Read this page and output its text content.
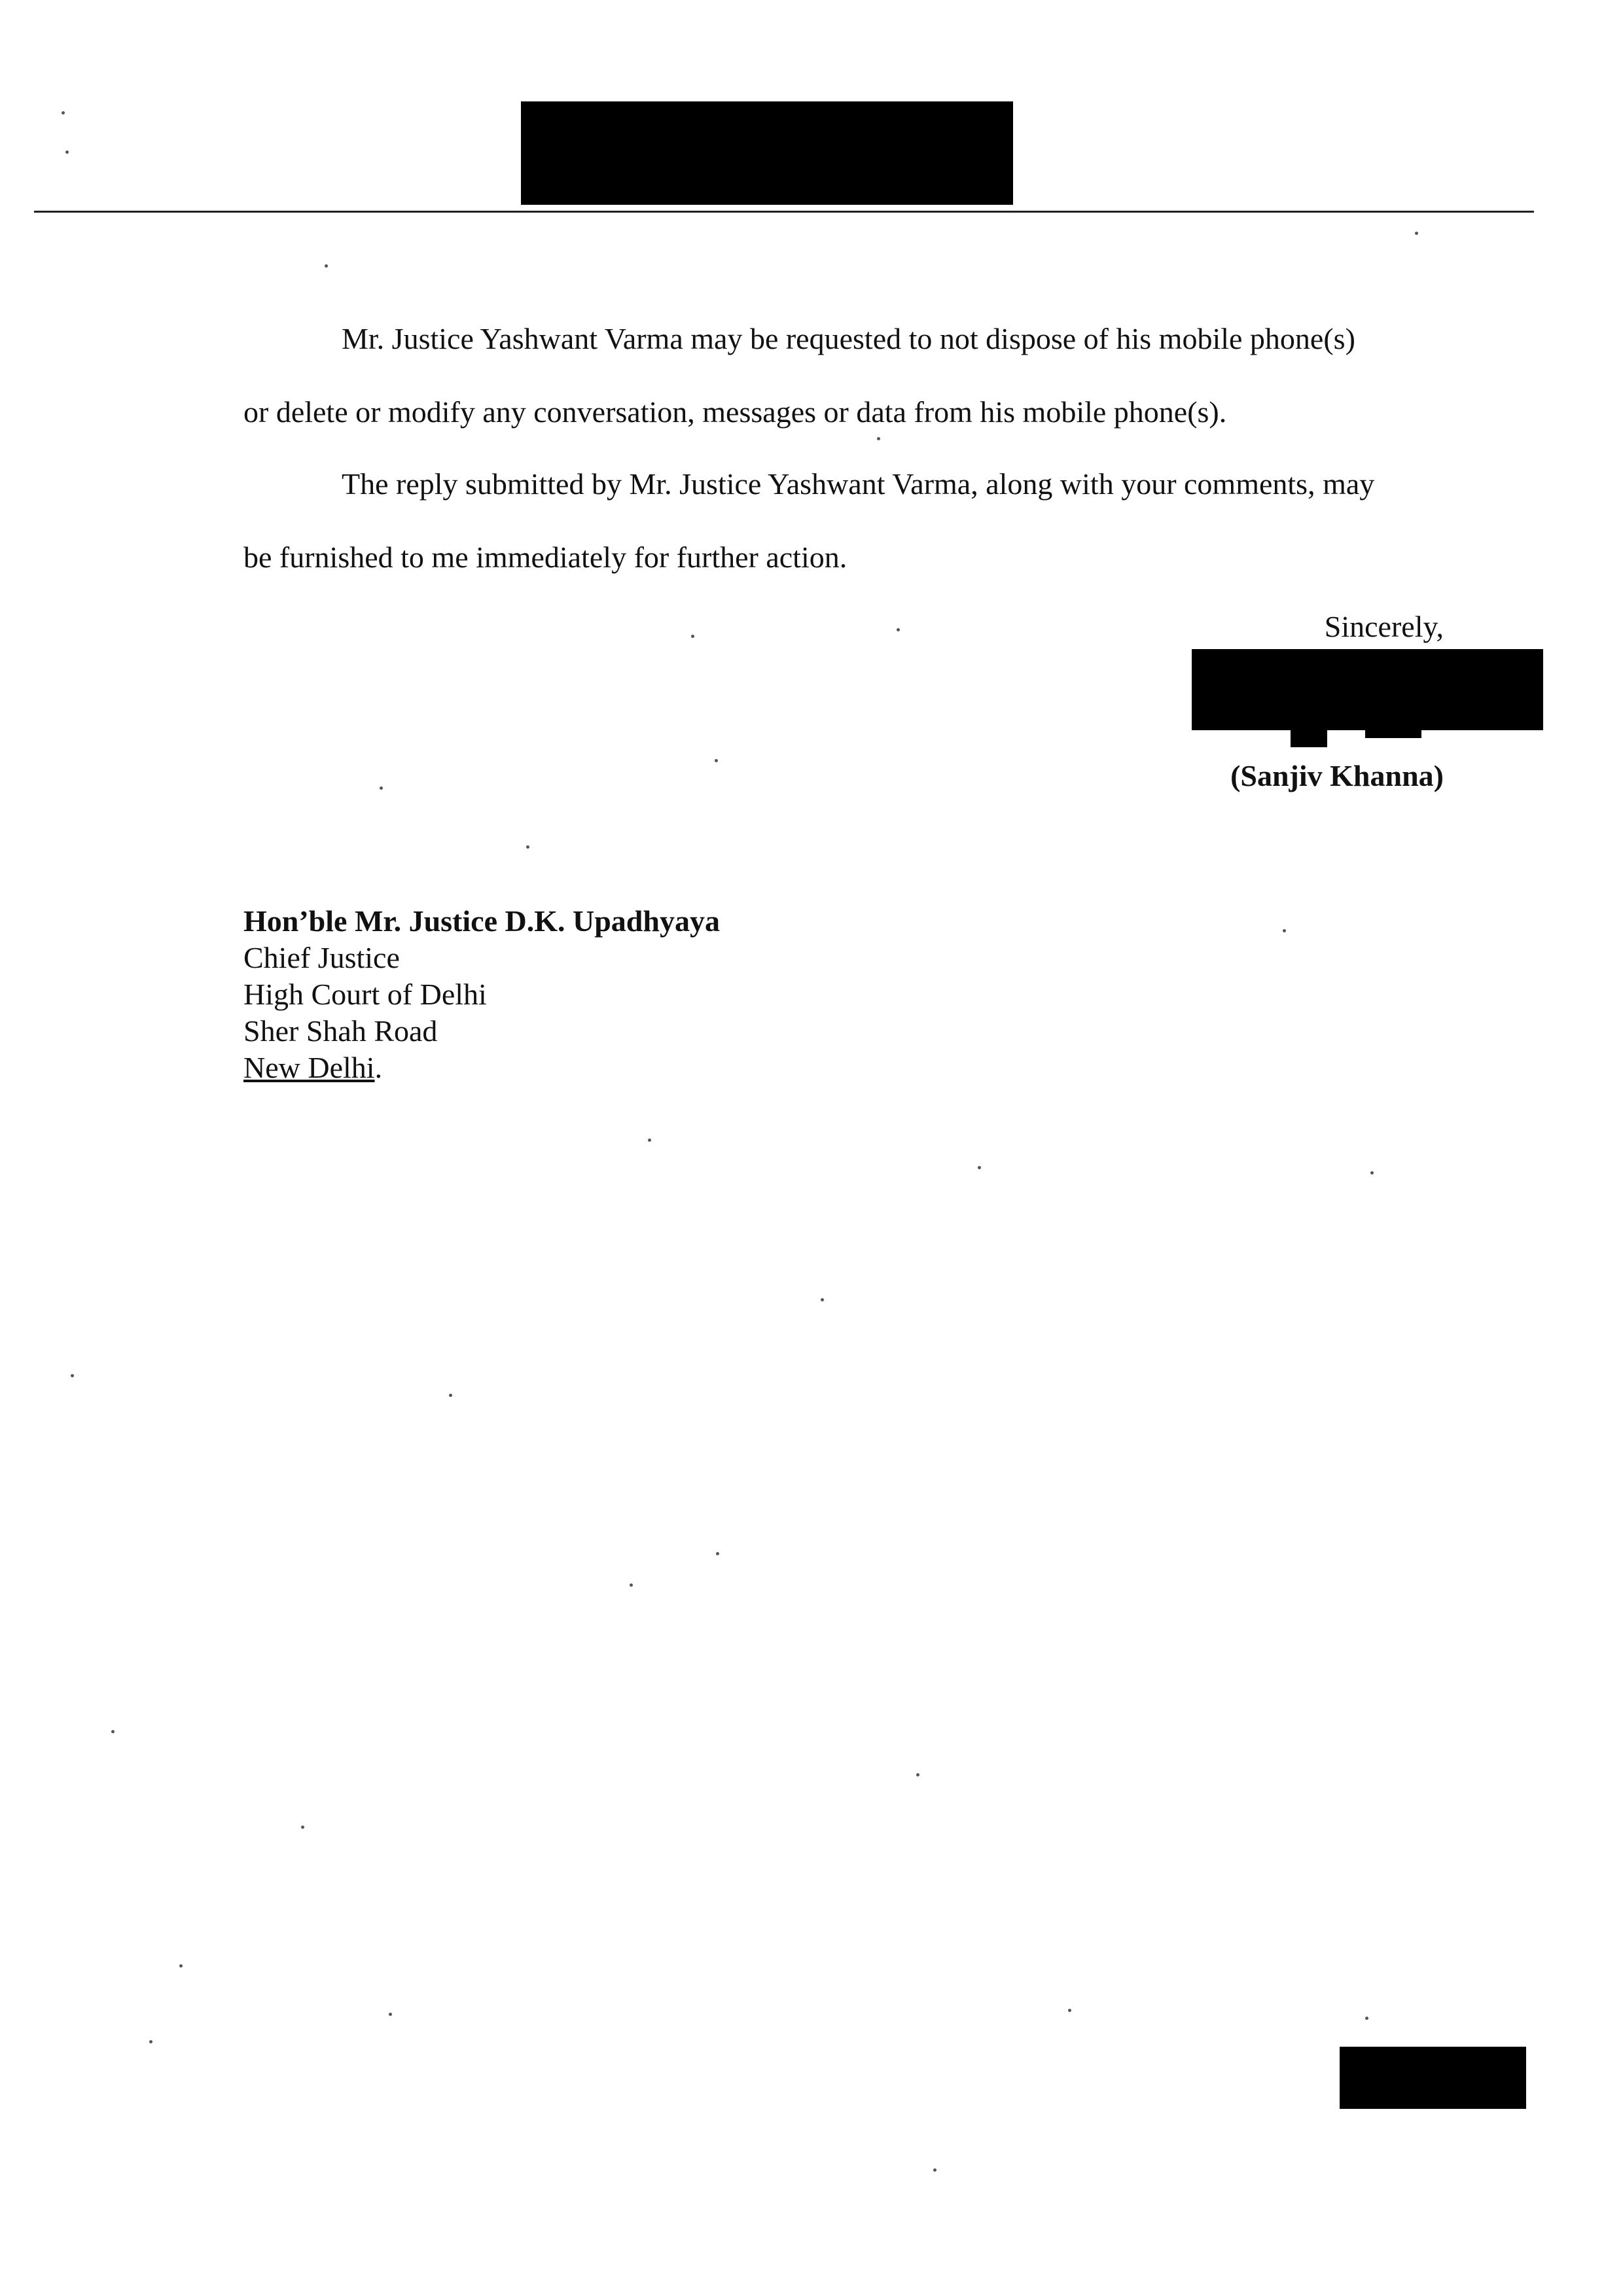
Mr. Justice Yashwant Varma may be requested to not dispose of his mobile phone(s)
or delete or modify any conversation, messages or data from his mobile phone(s).
The reply submitted by Mr. Justice Yashwant Varma, along with your comments, may
be furnished to me immediately for further action.
Sincerely,
(Sanjiv Khanna)
Hon’ble Mr. Justice D.K. Upadhyaya
Chief Justice
High Court of Delhi
Sher Shah Road
New Delhi.
